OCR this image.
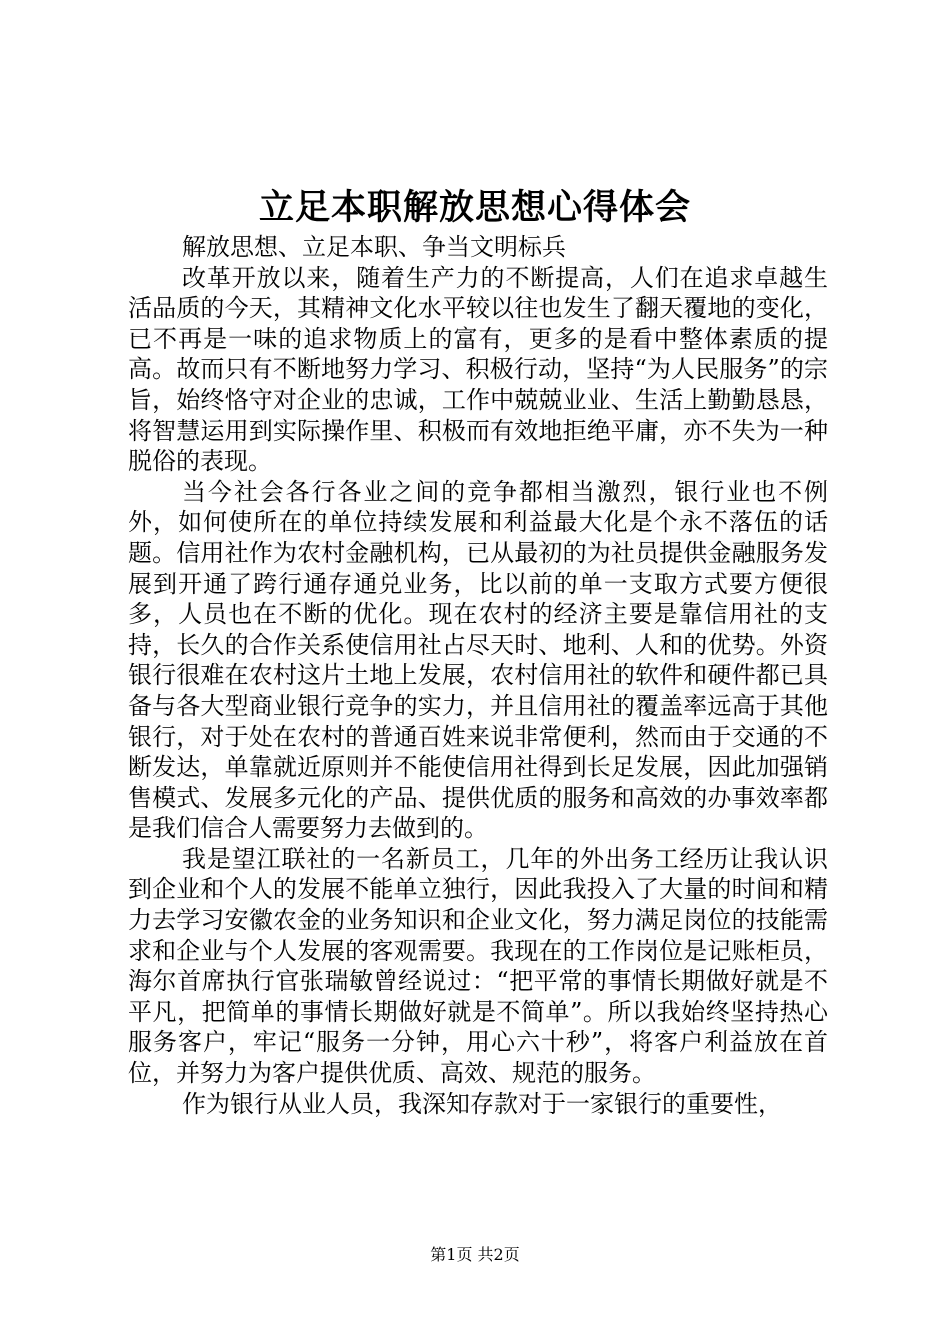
立足本职解放思想心得体会

解放思想、立足本职、争当文明标兵

改革开放以来，随着生产力的不断提高，人们在追求卓越生活品质的今天，其精神文化水平较以往也发生了翻天覆地的变化，已不再是一味的追求物质上的富有，更多的是看中整体素质的提高。故而只有不断地努力学习、积极行动，坚持“为人民服务”的宗旨，始终恪守对企业的忠诚，工作中兢兢业业、生活上勤勤恳恳，将智慧运用到实际操作里、积极而有效地拒绝平庸，亦不失为一种脱俗的表现。

当今社会各行各业之间的竞争都相当激烈，银行业也不例外，如何使所在的单位持续发展和利益最大化是个永不落伍的话题。信用社作为农村金融机构，已从最初的为社员提供金融服务发展到开通了跨行通存通兑业务，比以前的单一支取方式要方便很多，人员也在不断的优化。现在农村的经济主要是靠信用社的支持，长久的合作关系使信用社占尽天时、地利、人和的优势。外资银行很难在农村这片土地上发展，农村信用社的软件和硬件都已具备与各大型商业银行竞争的实力，并且信用社的覆盖率远高于其他银行，对于处在农村的普通百姓来说非常便利，然而由于交通的不断发达，单靠就近原则并不能使信用社得到长足发展，因此加强销售模式、发展多元化的产品、提供优质的服务和高效的办事效率都是我们信合人需要努力去做到的。

我是望江联社的一名新员工，几年的外出务工经历让我认识到企业和个人的发展不能单立独行，因此我投入了大量的时间和精力去学习安徽农金的业务知识和企业文化，努力满足岗位的技能需求和企业与个人发展的客观需要。我现在的工作岗位是记账柜员，海尔首席执行官张瑞敏曾经说过：“把平常的事情长期做好就是不平凡，把简单的事情长期做好就是不简单”。所以我始终坚持热心服务客户，牢记“服务一分钟，用心六十秒”，将客户利益放在首位，并努力为客户提供优质、高效、规范的服务。

作为银行从业人员，我深知存款对于一家银行的重要性，

第1页 共2页
